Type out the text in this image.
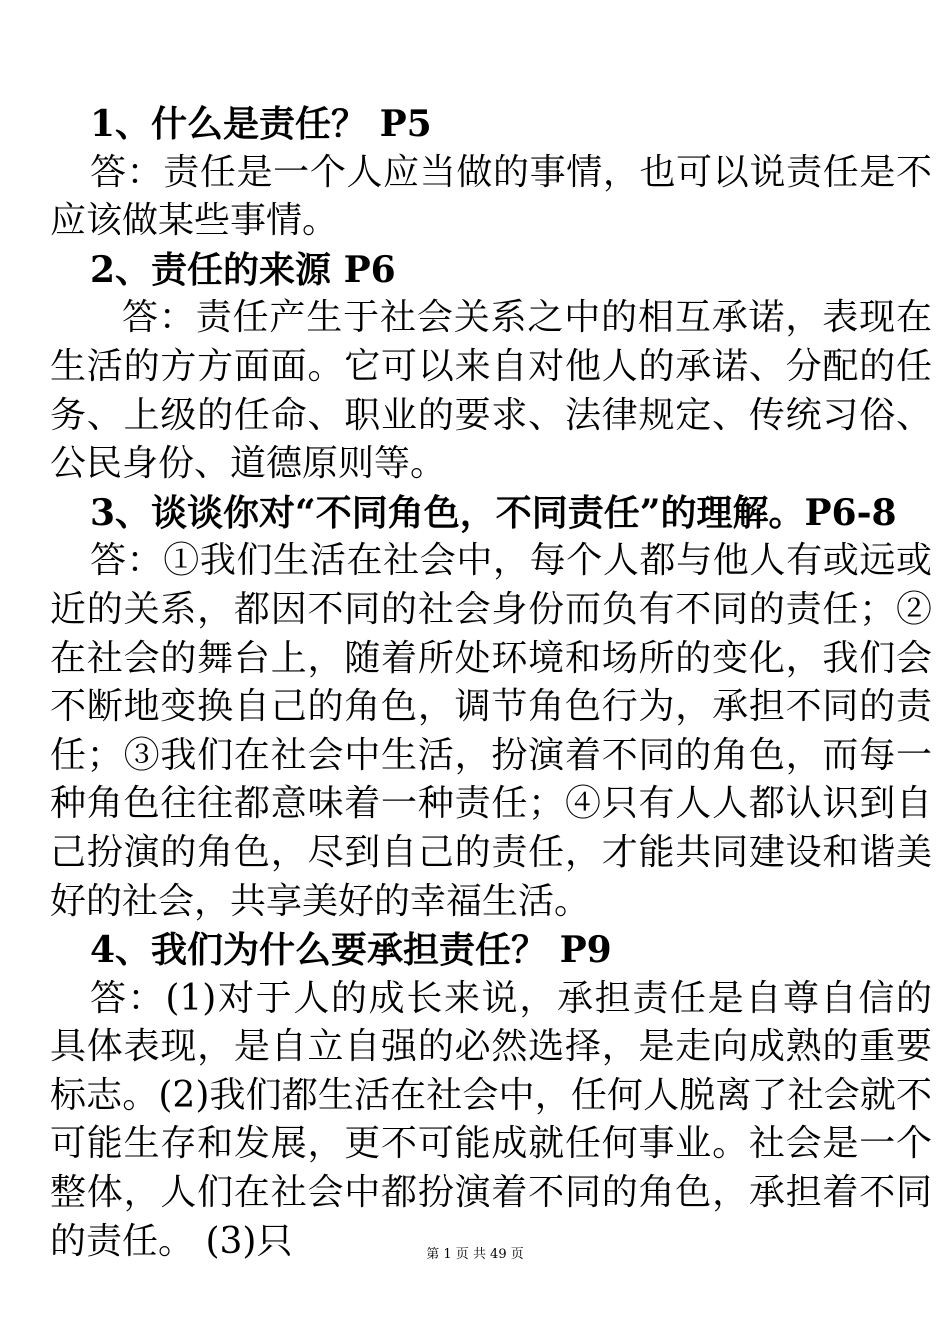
1、什么是责任？ P5

答：责任是一个人应当做的事情，也可以说责任是不应该做某些事情。

2、责任的来源 P6

答：责任产生于社会关系之中的相互承诺，表现在生活的方方面面。它可以来自对他人的承诺、分配的任务、上级的任命、职业的要求、法律规定、传统习俗、公民身份、道德原则等。

3、谈谈你对“不同角色，不同责任”的理解。P6-8

答：①我们生活在社会中，每个人都与他人有或远或近的关系，都因不同的社会身份而负有不同的责任；②在社会的舞台上，随着所处环境和场所的变化，我们会不断地变换自己的角色，调节角色行为，承担不同的责任；③我们在社会中生活，扮演着不同的角色，而每一种角色往往都意味着一种责任；④只有人人都认识到自己扮演的角色，尽到自己的责任，才能共同建设和谐美好的社会，共享美好的幸福生活。

4、我们为什么要承担责任？ P9

答：(1)对于人的成长来说，承担责任是自尊自信的具体表现，是自立自强的必然选择，是走向成熟的重要标志。(2)我们都生活在社会中，任何人脱离了社会就不可能生存和发展，更不可能成就任何事业。社会是一个整体，人们在社会中都扮演着不同的角色，承担着不同的责任。 (3)只	第 1 页 共 49 页
